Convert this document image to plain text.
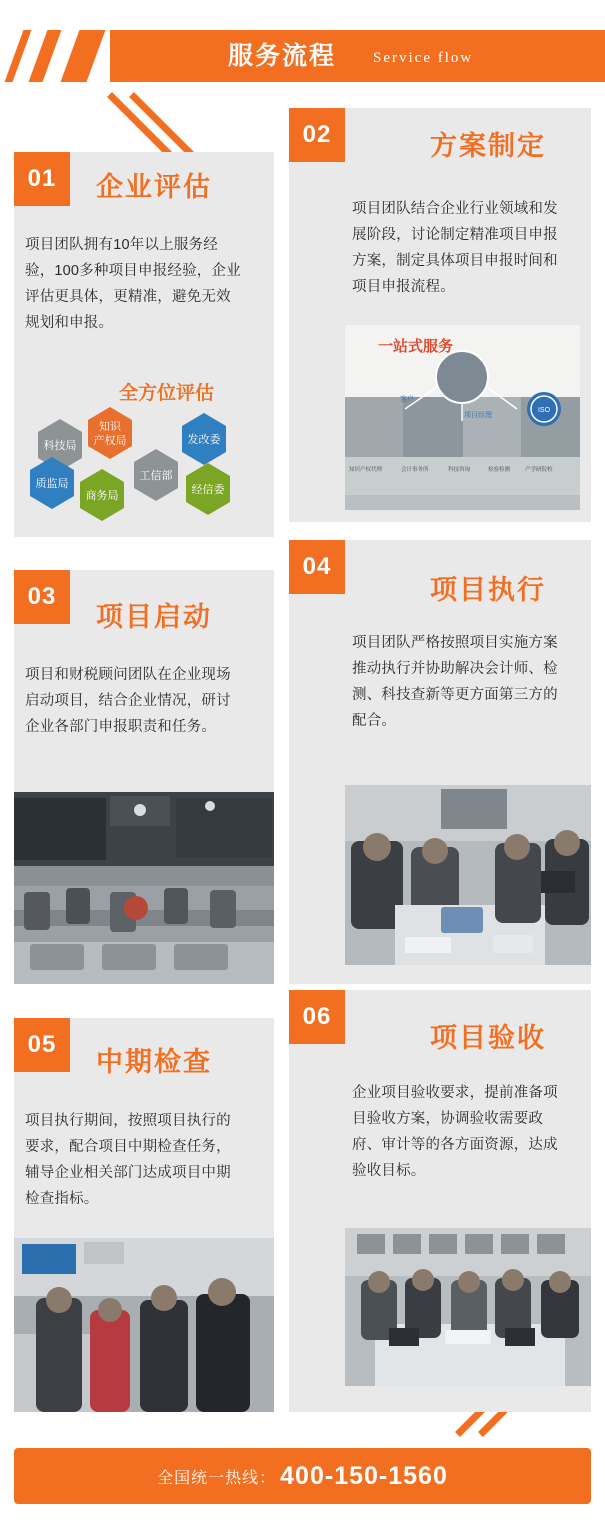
服务流程 Service flow
01	企业评估
项目团队拥有10年以上服务经验，100多种项目申报经验，企业评估更具体，更精准，避免无效规划和申报。
全方位评估
科技局
知识
产权局	发改委
质监局
工信部
商务局	经信委
02	方案制定
项目团队结合企业行业领域和发展阶段，讨论制定精准项目申报方案，制定具体项目申报时间和项目申报流程。
知识产权代理	会计事务所	科技咨询	检验检测	产学研院校
ISO
客户
项目经理
一站式服务
03
项目启动
项目和财税顾问团队在企业现场启动项目，结合企业情况，研讨企业各部门申报职责和任务。
04
项目执行
项目团队严格按照项目实施方案推动执行并协助解决会计师、检测、科技查新等更方面第三方的配合。
05
中期检查
项目执行期间，按照项目执行的要求，配合项目中期检查任务，辅导企业相关部门达成项目中期检查指标。
06
项目验收
企业项目验收要求，提前准备项目验收方案，协调验收需要政府、审计等的各方面资源，达成验收目标。
全国统一热线： 400-150-1560
